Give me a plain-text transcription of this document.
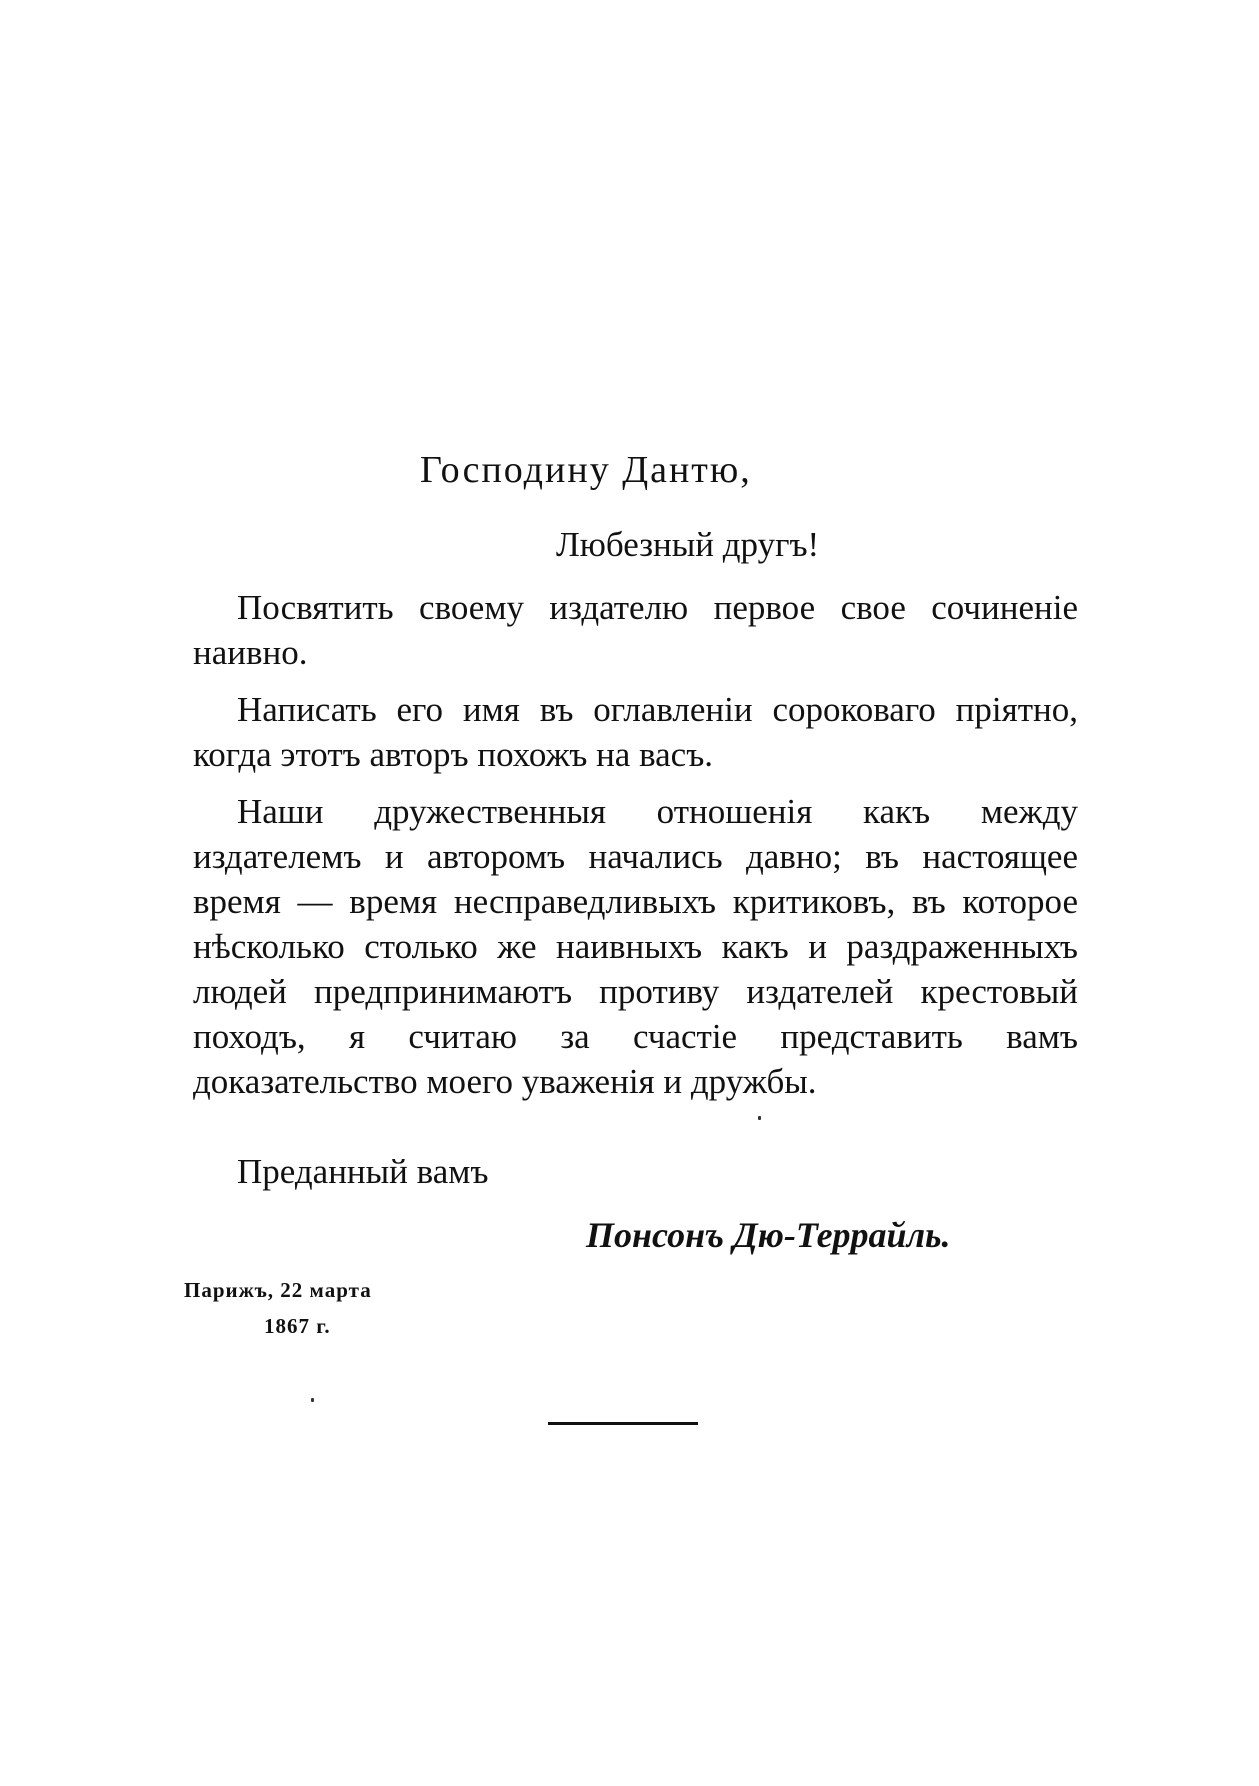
Господину Дантю,
Любезный другъ!

Посвятить своему издателю первое свое сочиненіе наивно.

Написать его имя въ оглавленіи сороковаго пріятно, когда этотъ авторъ похожъ на васъ.

Наши дружественныя отношенія какъ между издателемъ и авторомъ начались давно; въ настоящее время — время несправедливыхъ критиковъ, въ которое нѣсколько столько же наивныхъ какъ и раздраженныхъ людей предпринимаютъ противу издателей крестовый походъ, я считаю за счастіе представить вамъ доказательство моего уваженія и дружбы.

Преданный вамъ
Понсонъ Дю-Террайль.
Парижъ, 22 марта
1867 г.
